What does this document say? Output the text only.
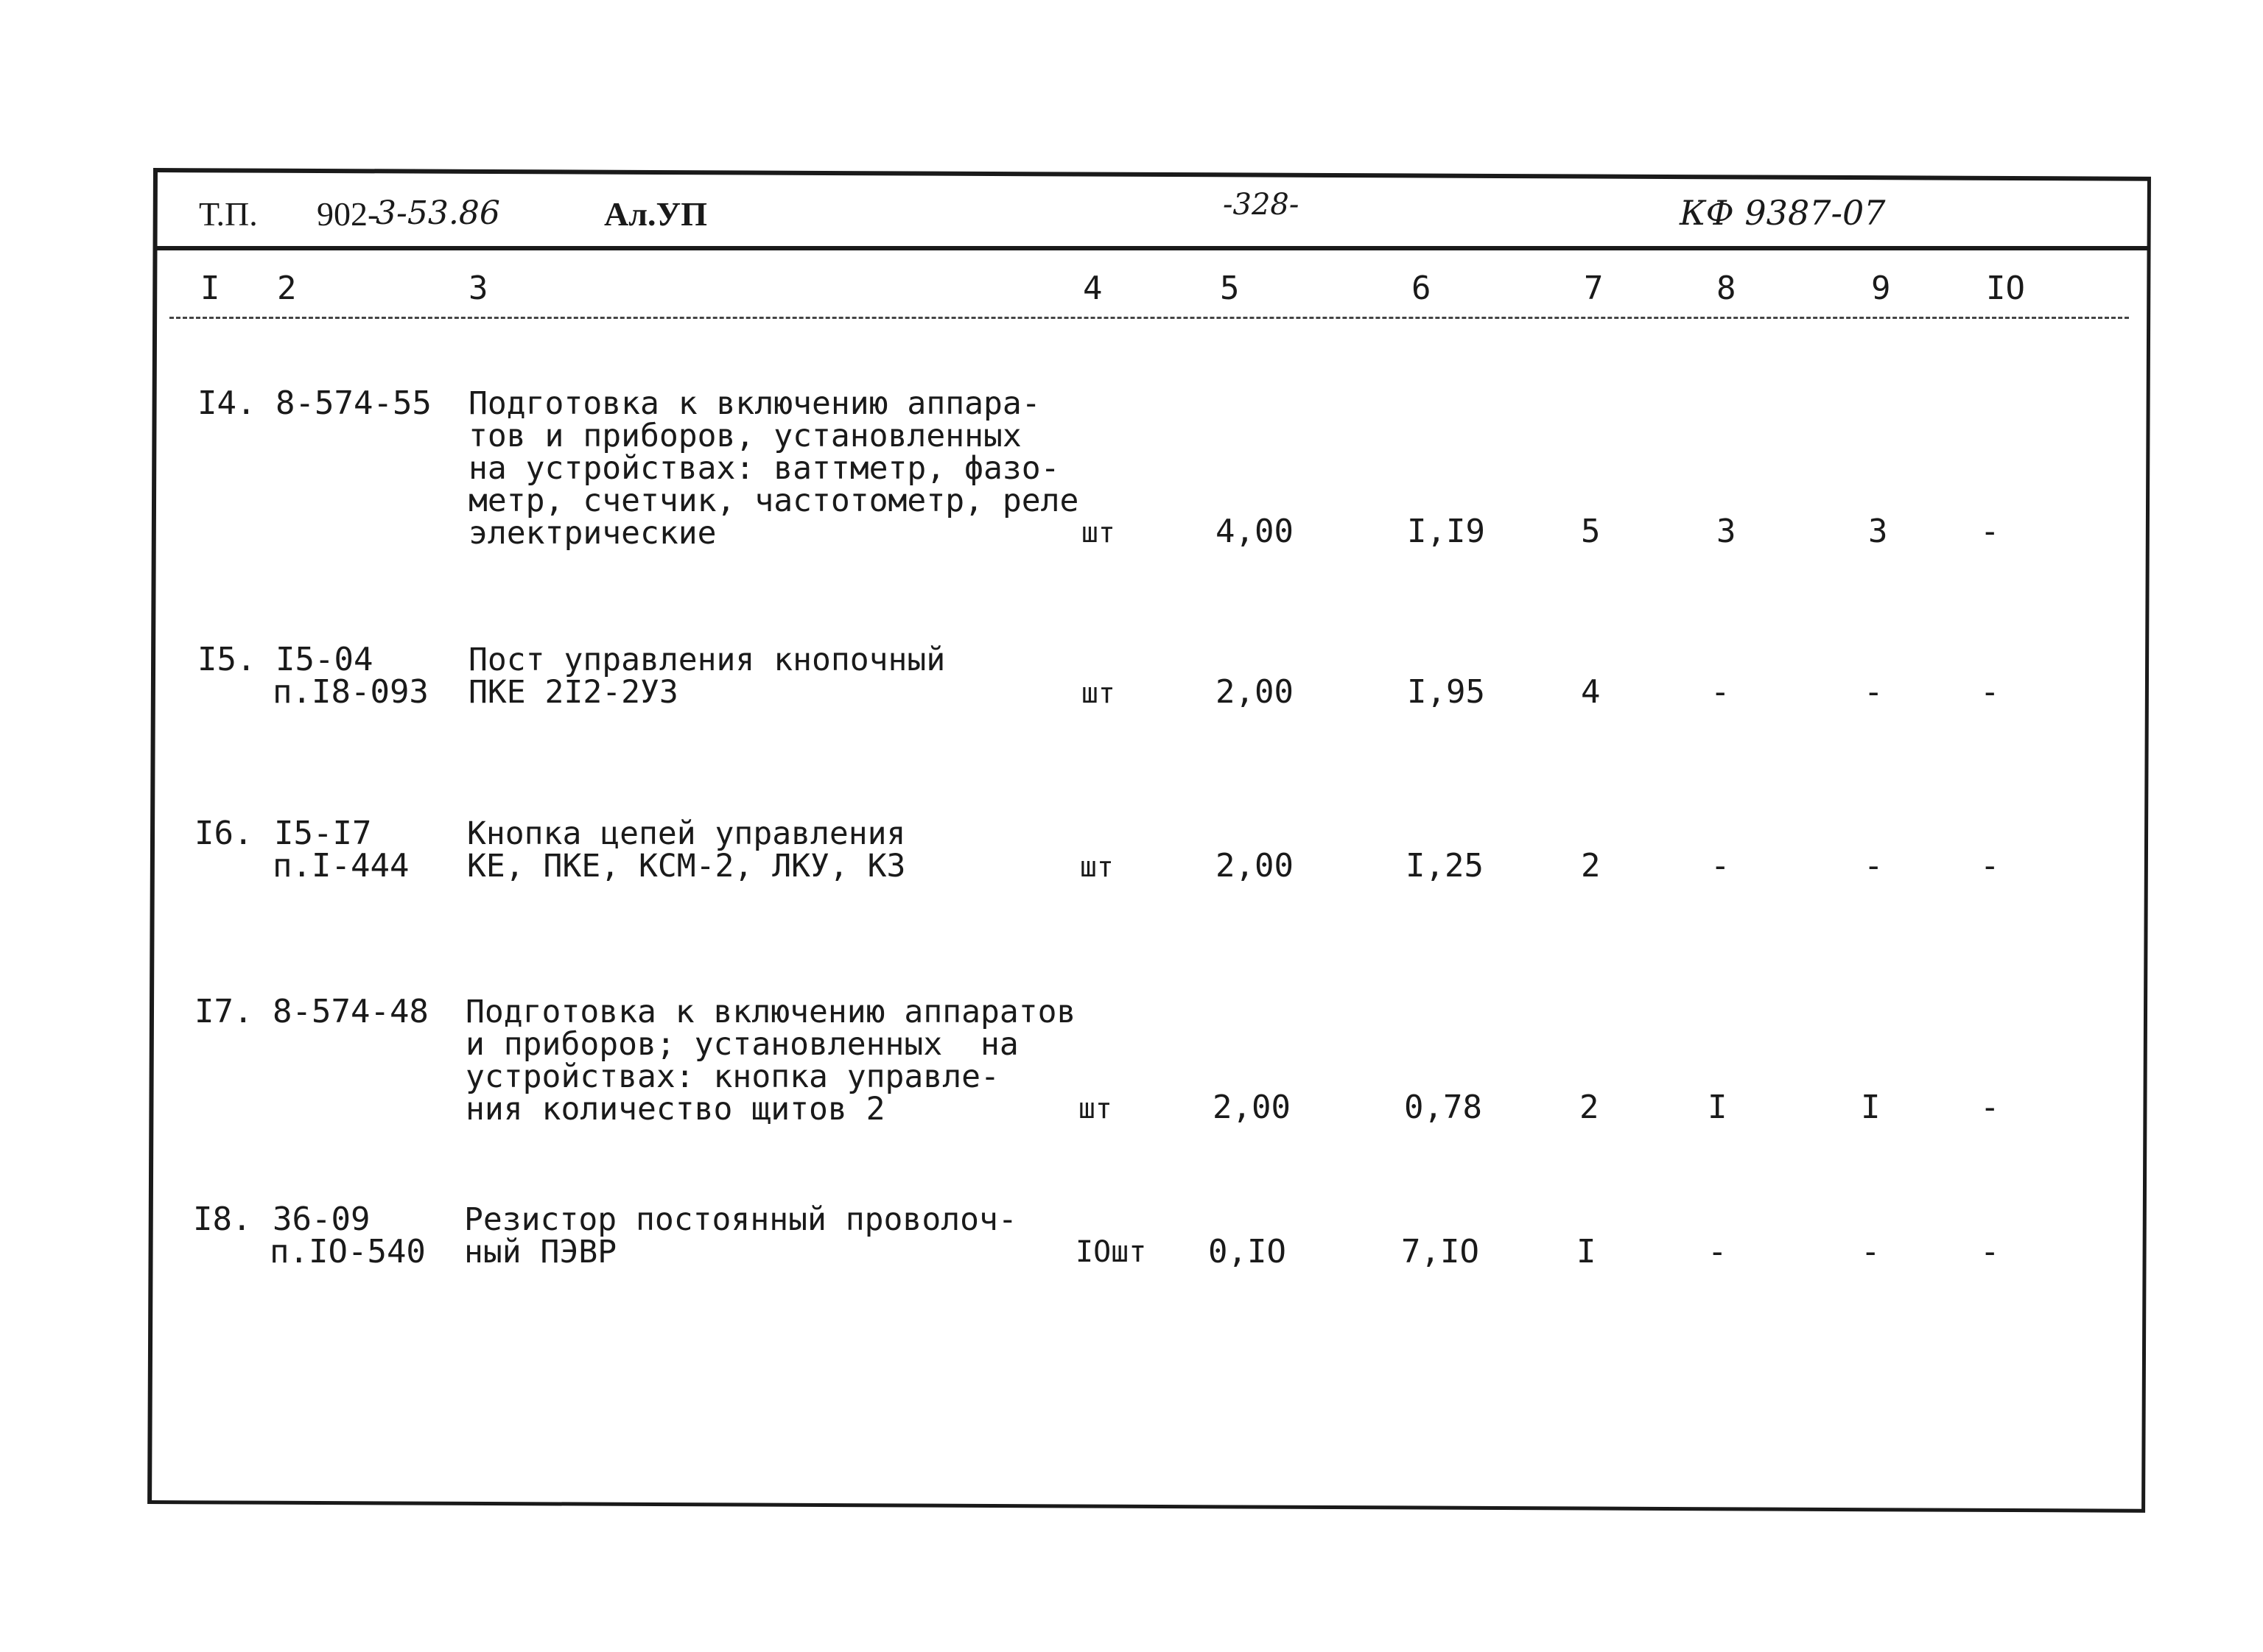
Т.П. 902-
3-53.86	Ал.УП	-328-	КФ 9387-07
I 2	3	4	5	6	7	8	9	IO
I4. 8-574-55 Подготовка к включению аппара-
тов и приборов, установленных
на устройствах: ваттметр, фазо-
метр, счетчик, частотометр, реле
электрические	шт	4,00	I,I9	5	3	3	-
I5. I5-04
п.I8-093
Пост управления кнопочный
ПКЕ 2I2-2УЗ	шт	2,00	I,95	4	-	-	-
I6. I5-I7
п.I-444
Кнопка цепей управления
КЕ, ПКЕ, КСМ-2, ЛКУ, КЗ	шт	2,00	I,25	2	-	-	-
I7. 8-574-48 Подготовка к включению аппаратов
и приборов; установленных  на
устройствах: кнопка управле-
ния количество щитов 2	шт	2,00	0,78	2	I	I	-
I8. 36-09
п.IO-540
Резистор постоянный проволоч-
ный ПЭВР	IOшт 0,IO	7,IO	I	-	-	-
